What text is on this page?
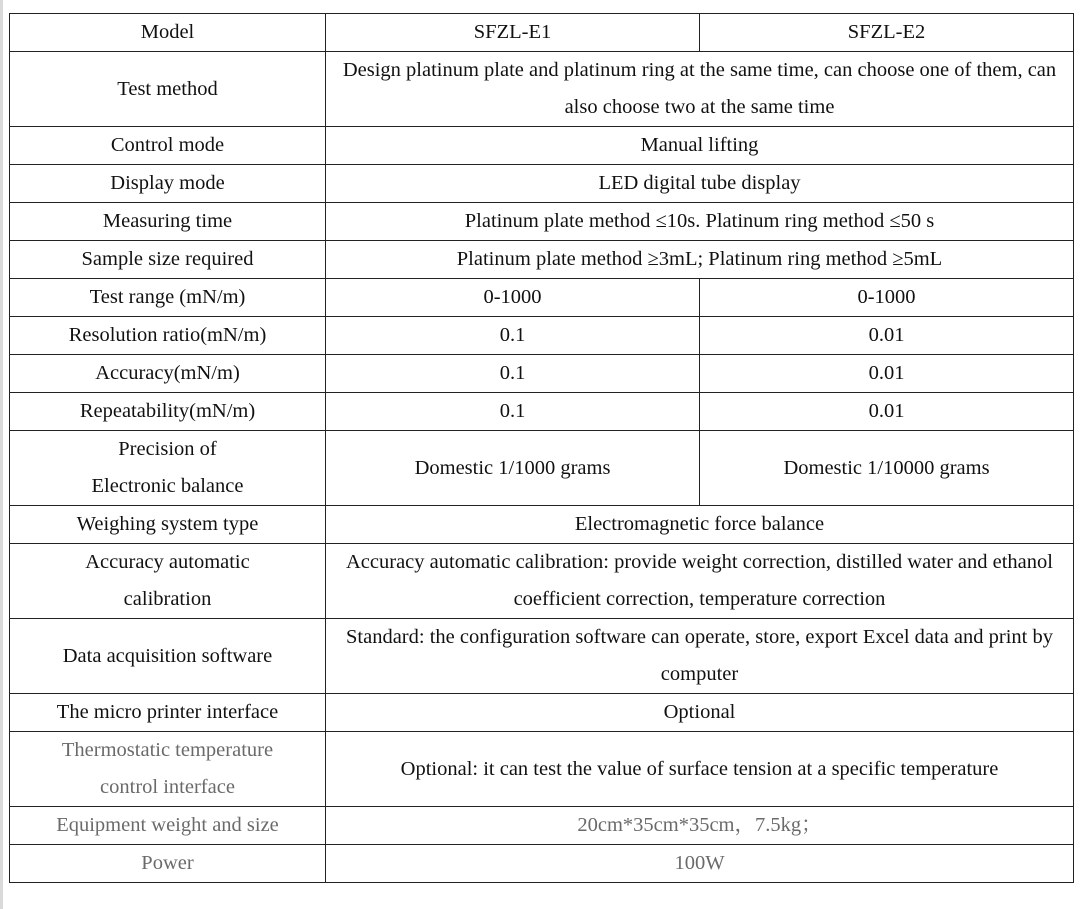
Model	SFZL-E1	SFZL-E2
Test method	Design platinum plate and platinum ring at the same time, can choose one of them, can also choose two at the same time	
Control mode	Manual lifting	
Display mode	LED digital tube display	
Measuring time	Platinum plate method ≤10s. Platinum ring method ≤50 s	
Sample size required	Platinum plate method ≥3mL; Platinum ring method ≥5mL	
Test range (mN/m)	0-1000	0-1000
Resolution ratio(mN/m)	0.1	0.01
Accuracy(mN/m)	0.1	0.01
Repeatability(mN/m)	0.1	0.01

Precision of
Electronic balance	Domestic 1/1000 grams	Domestic 1/10000 grams
Weighing system type	Electromagnetic force balance	

Accuracy automatic
calibration	Accuracy automatic calibration: provide weight correction, distilled water and ethanol coefficient correction, temperature correction	
Data acquisition software	Standard: the configuration software can operate, store, export Excel data and print by computer	
The micro printer interface	Optional	

Thermostatic temperature
control interface	Optional: it can test the value of surface tension at a specific temperature	
Equipment weight and size	20cm*35cm*35cm，7.5kg；	
Power	100W	
